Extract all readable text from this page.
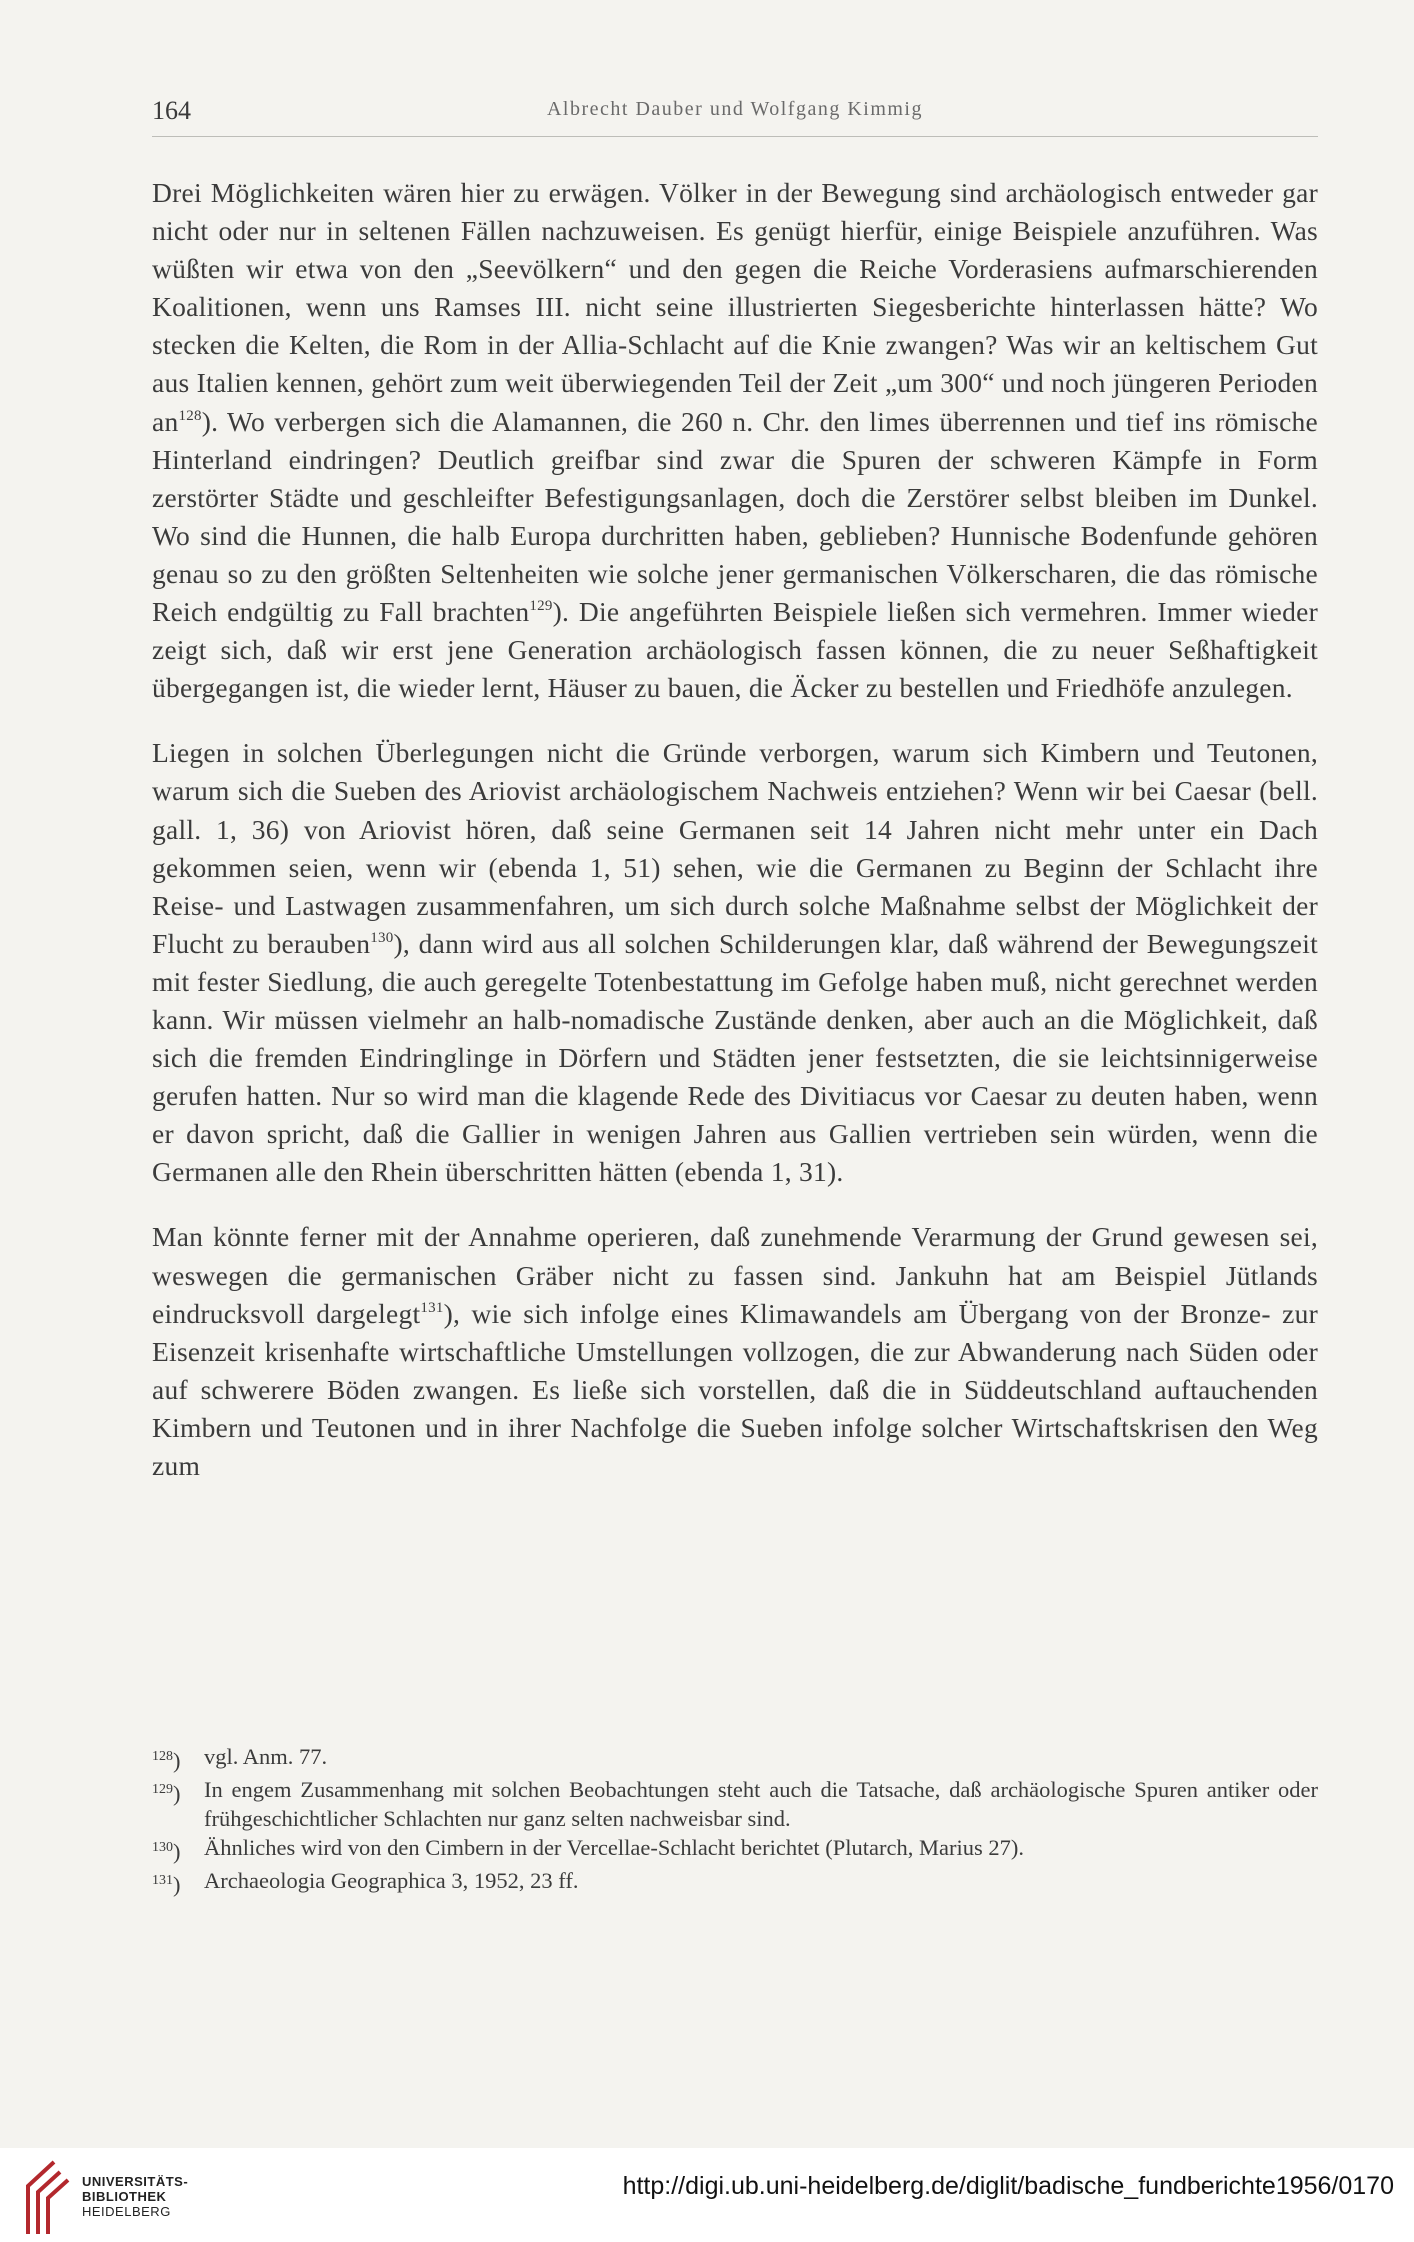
164	Albrecht Dauber und Wolfgang Kimmig

Drei Möglichkeiten wären hier zu erwägen. Völker in der Bewegung sind archäologisch entweder gar nicht oder nur in seltenen Fällen nachzuweisen. Es genügt hierfür, einige Beispiele anzuführen. Was wüßten wir etwa von den „Seevölkern“ und den gegen die Reiche Vorderasiens aufmarschierenden Koalitionen, wenn uns Ramses III. nicht seine illustrierten Siegesberichte hinterlassen hätte? Wo stecken die Kelten, die Rom in der Allia-Schlacht auf die Knie zwangen? Was wir an keltischem Gut aus Italien kennen, gehört zum weit überwiegenden Teil der Zeit „um 300“ und noch jüngeren Perioden an$^{128}$). Wo verbergen sich die Alamannen, die 260 n. Chr. den limes überrennen und tief ins römische Hinterland eindringen? Deutlich greifbar sind zwar die Spuren der schweren Kämpfe in Form zerstörter Städte und geschleifter Befestigungsanlagen, doch die Zerstörer selbst bleiben im Dunkel. Wo sind die Hunnen, die halb Europa durchritten haben, geblieben? Hunnische Bodenfunde gehören genau so zu den größten Seltenheiten wie solche jener germanischen Völkerscharen, die das römische Reich endgültig zu Fall brachten$^{129}$). Die angeführten Beispiele ließen sich vermehren. Immer wieder zeigt sich, daß wir erst jene Generation archäologisch fassen können, die zu neuer Seßhaftigkeit übergegangen ist, die wieder lernt, Häuser zu bauen, die Äcker zu bestellen und Friedhöfe anzulegen.

Liegen in solchen Überlegungen nicht die Gründe verborgen, warum sich Kimbern und Teutonen, warum sich die Sueben des Ariovist archäologischem Nachweis entziehen? Wenn wir bei Caesar (bell. gall. 1, 36) von Ariovist hören, daß seine Germanen seit 14 Jahren nicht mehr unter ein Dach gekommen seien, wenn wir (ebenda 1, 51) sehen, wie die Germanen zu Beginn der Schlacht ihre Reise- und Lastwagen zusammenfahren, um sich durch solche Maßnahme selbst der Möglichkeit der Flucht zu berauben$^{130}$), dann wird aus all solchen Schilderungen klar, daß während der Bewegungszeit mit fester Siedlung, die auch geregelte Totenbestattung im Gefolge haben muß, nicht gerechnet werden kann. Wir müssen vielmehr an halb-nomadische Zustände denken, aber auch an die Möglichkeit, daß sich die fremden Eindringlinge in Dörfern und Städten jener festsetzten, die sie leichtsinnigerweise gerufen hatten. Nur so wird man die klagende Rede des Divitiacus vor Caesar zu deuten haben, wenn er davon spricht, daß die Gallier in wenigen Jahren aus Gallien vertrieben sein würden, wenn die Germanen alle den Rhein überschritten hätten (ebenda 1, 31).

Man könnte ferner mit der Annahme operieren, daß zunehmende Verarmung der Grund gewesen sei, weswegen die germanischen Gräber nicht zu fassen sind. Jankuhn hat am Beispiel Jütlands eindrucksvoll dargelegt$^{131}$), wie sich infolge eines Klimawandels am Übergang von der Bronze- zur Eisenzeit krisenhafte wirtschaftliche Umstellungen vollzogen, die zur Abwanderung nach Süden oder auf schwerere Böden zwangen. Es ließe sich vorstellen, daß die in Süddeutschland auftauchenden Kimbern und Teutonen und in ihrer Nachfolge die Sueben infolge solcher Wirtschaftskrisen den Weg zum

$^{128}$)	vgl. Anm. 77.
$^{129}$)	In engem Zusammenhang mit solchen Beobachtungen steht auch die Tatsache, daß archäologische Spuren antiker oder frühgeschichtlicher Schlachten nur ganz selten nachweisbar sind.
$^{130}$)	Ähnliches wird von den Cimbern in der Vercellae-Schlacht berichtet (Plutarch, Marius 27).
$^{131}$)	Archaeologia Geographica 3, 1952, 23 ff.
UNIVERSITÄTS-
BIBLIOTHEK
HEIDELBERG
http://digi.ub.uni-heidelberg.de/diglit/badische_fundberichte1956/0170
